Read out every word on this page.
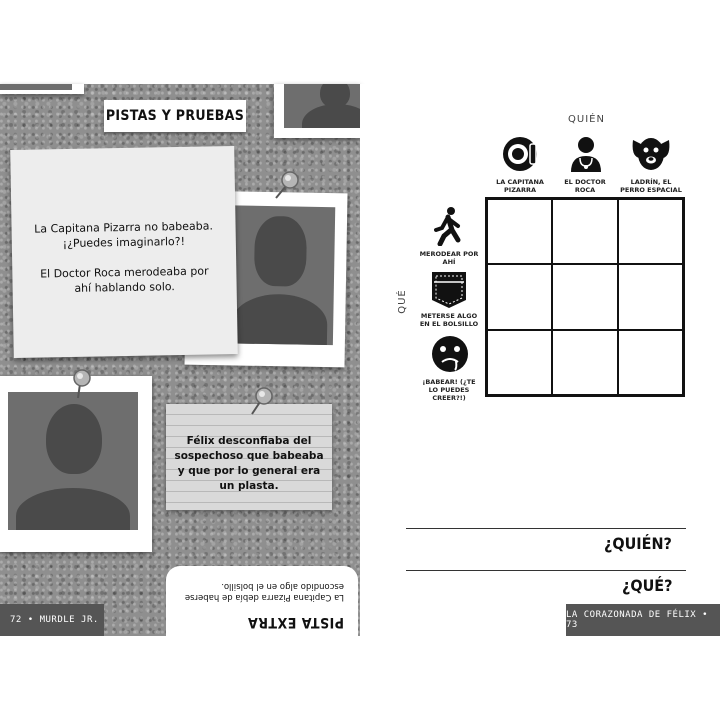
PISTAS Y PRUEBAS

La Capitana Pizarra no babeaba. ¡¿Puedes imaginarlo?!

El Doctor Roca merodeaba por ahí hablando solo.

Félix desconfiaba del sospechoso que babeaba y que por lo general era un plasta.
PISTA EXTRA
La Capitana Pizarra debía de haberse escondido algo en el bolsillo.
72 • MURDLE JR.
QUIÉN
QUÉ
LA CAPITANA PIZARRA
EL DOCTOR ROCA
LADRÍN, EL PERRO ESPACIAL
MERODEAR POR AHÍ
METERSE ALGO EN EL BOLSILLO
¡BABEAR! (¿TE LO PUEDES CREER?!)
¿QUIÉN?
¿QUÉ?
LA CORAZONADA DE FÉLIX • 73
